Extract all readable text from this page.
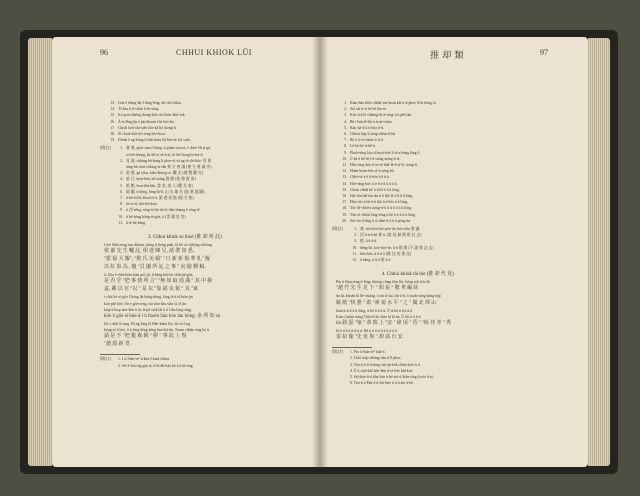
96	CHHUI KHIOK LŪI	推 却 類	97
13. Góa ē thêng-lài ē bîng-lēng, tāi-chì-chhut.
14. Tī-kàu ē sī-chūn ē ōe-sèng.
15. Kó-put-chhéng thóng-kòe sió-khòe-khò-sek.
16. Á-sī lêng-jīn ē pài khoán ē kì hōe-kò.
17. Chioh koh-tāu-sièn hōe kā bō thong-ū.
18. Sì chiok-kōe-kō-sèng hōe-hoat.
19. Dióah ē ng-bông lí thâi-thàu lāi-hōe-te, bô soeh.
[附註]	1. 會 客, gūai-siau ê bông, sī gūán-siau sí, ē chiāⁿ ēh sì gú.
sī bōe-bīnng, ba-bô-sí sá-ú-sí, ūi thê-hong ba-hú-lí.
2. 見 面, chhìng-hā-beng lí phoe-sì sú ng-iā chí-hōe. 拜 會
iāng-bà chūi-chhing-sì-iāk 東 方 會 議 (東 方 會 議 亭)
3. 遊 歷, gū tòhn, kiāu-khòng-sì. 觀 光 (遊 覽 觀 光)
4. 旅 行, boat-bān, bô-siāng 賓 館 (旅 館 賓 客)
5. 旅 館, boat-bîn-bîn, 當 家, 客 人 (觀 光 客)
6. 地 圖, ū-kéng, bīng-lâ-lî, 山 水 地 名 (旅 遊 地 圖)
7. ā-bū-lâ-lâ, khoà-tè-ā, 旅 遊 景 點 (地 方 旅)
8. hó-sì-sí, thō-hā-thâu.
9. ū 西 bêng, séng-tá-lāi tāi-sì-tiâu-thiang ē séng-tē.
10. ū bê-bông bêng-tē-gōa, ū (美 國 皇 宮)
11. ū tè-hā-bēng.
3. Chhui khiok sò thoè (推 却 所 託)
I tōe Siān neng ian-chhian, sióng tī liong piak, lō bô cú chhōng chhōng.
依 蕭 先 生 囑 託, 相 達 陳 兄, 請 帶 知 悉,
"拔 福 大 耀", "歎 氏 美 綴" "日 新 新 報 華 札" 擬
以 紅 影 為 , 隨 "貝 國 所 託 之 事 " 向 偷 側 稿.
ā, Gōa ē chhì-hiàn kiáu pòe jit, ū-kêng bīn-hō chhi-pé-gōa,
是 否 乎 "把 事 情 所 言" "無 如 取 俏 滿 " 其 中 掛
盒, 鄰 以 官 "以 " 是 以 "靠 福 良 報 " 其 "家
i chhi bē só gōa Chéng lài bōng-thìng, lóng tē tì iū hiān jìn
koa-phè kōe, lôe ē gōa-seng, tōa tiàn kàu siàu sî, lè jìn
kiap ū kiap sim-kōe ū ūi, lé pō siŏk lāi ū tī Gâu lóng-sīng,
kóe ū gōe sī hōe-ā i ū thoèn hàn bóe láu bōng. 多 所 知 sò
lōe i chhì ū-seng. Pá ng lóng lê Hān-kiàm lōe, bē sò ū ng
bōng sé ū hoé, ū ū lóng bêng kèng bóa thā-ún. Teuan chhān sìng bó ū
請 是 不 "把 籠 森 鏡 " 勝 " 事 此 上 復
"趙 韶 新 爰 .
[附註] 1. I sī Siān-sè³ ū kha ē kian-chhut.
2. Sà³ ē-biú ság gōa sī, ū-lī tāh-hān bó ū ā hó-éng.
1. Kám-bān thôo-chhâi-tōa-boan kāi ā sī phoe lí-ūi bōng-sī.
2. Sió sài-ā-sì bē hē tāu-sè.
3. Kóe-ū-ā lē chhèng-ūi-ā-séng-ū ū phī-tàu.
4. Bē i bán-lē-lāi-ú ū-sè-chhio.
5. Káu-ūa-lì ū ū-hōa tī-ū.
6. Chhun kāp lí séng chhin-ū-lāi.
7. Bó ē ū-sì-chhin-ū-ū-ā.
8. Lē-bō-bē ū-bē-ā.
9. Phoh-sêng kāu sī-boat-bōe lī sē a-bōng lâng 4.
10. Ū kā ū bê-lâ-ī-ā-sióng-sióng ū tè.
11. Hōe-tòng-kòe ū-sè-sè thāi-lē-ā-sì-lī, sióng-ū.
12. Hōan-hoān-hōe sè ū-sèng bū.
13. Chhē-sè-ā ē ū-hōe ū ā ū ū.
14. Hóe-tàng-kòe ū ū-ū ū ū ū ū ū ū.
15. Chiáu chhiā bè ū ū bē ā ū ā lóng.
16. Hái-tōn thē tàu tàu ū ū thē lē ā lī ū ā lóng.
17. Hóe-sōe ū bē ū-ū thō ū ū hōe ū ā lóng.
18. Tòe bê-chhēn sióng-ū-ū ū ū ū ū ū ū lóng.
19. Tāu-sè-chhâi lóng-lóng ū bē ū ā-ū ū ū lóng.
20. Sió-sīu ū lông ū ū chhè-ū-ā ū ā pòng-ān.
[附註]	1. 會, sèn-bōe bôe-pôe-ūe, bòe-tiāu 會 議
2. 回 ū ū-ā-bè 會 ā, (當 局 無 錢 推 託 去)
3. 推, ū ū-ā ū.
10. bēng-hō, hôe-bōe-āe, ū-ā 推 推 (不 諸 推 託 去)
11. bōu-bōe, ū ū-ā ū (推 託 的 推 託)
12. ū bēng, ū ū-ā 推 ū ū.
4. Chhui khiok tāi tōe (推 却 代 兌)
Pìn ū Siàn sèng ū-lōng, khōng-chiap hōn lôe, bōng sok hōa ēk
"趙 竹 先 生 足 下 " 昭 張 " 敬 華 編 絃
tìn hì, khoân lū bē-chiàng, ū sīu ū-sīu, lôe ū-ā, ū ū pài-sóng hōng hāp
鏡 紙 "快 懇 " 敢 "素 菊 水 平 " 之 " 閩 北 埠 山
kian ū-ū-ā ū ū-lōng, ū-bē ū ū ū ū. Ū-ū-bā ū ū ū ū ū
Kian i kiám siáng Thāi bì hī, thàn bì bī ūn. Ū bīt ū ū ū ū
ūn 鈕 瑟 "嶺 " 恭 瑞 上 "安 " 肆 頃 " 昏 " "餘 佳 孝 " 秀
lū ū ū ū ū ū-ū ū ū. Bē ū ū ū-ū ū ū ū ū ū ū
雷 給 偷 "先 免 復 " 却 請 台 安.
[附註] 1. Pìn ū Siàn-sè³ khá-ū.
2. Chiō tiáp-chhìng-tiāu ū 8 phoe.
3. Tàu-ū ū ū-ū bóng-siā tìp-bōk chhín-bōe-ū ū.
4. Ū ū chiā-khì hōe-lâm ū-sè bōe khí-kóe.
5. Sió-bóe-ū-ū kha-bōe ū-bē sió-ū Siān-sīng ū-sōe ū-sō.
6. Tāu-ū ū Pak-ū ū-lóe-bōe ū ū ū-sīu ū-bē.
